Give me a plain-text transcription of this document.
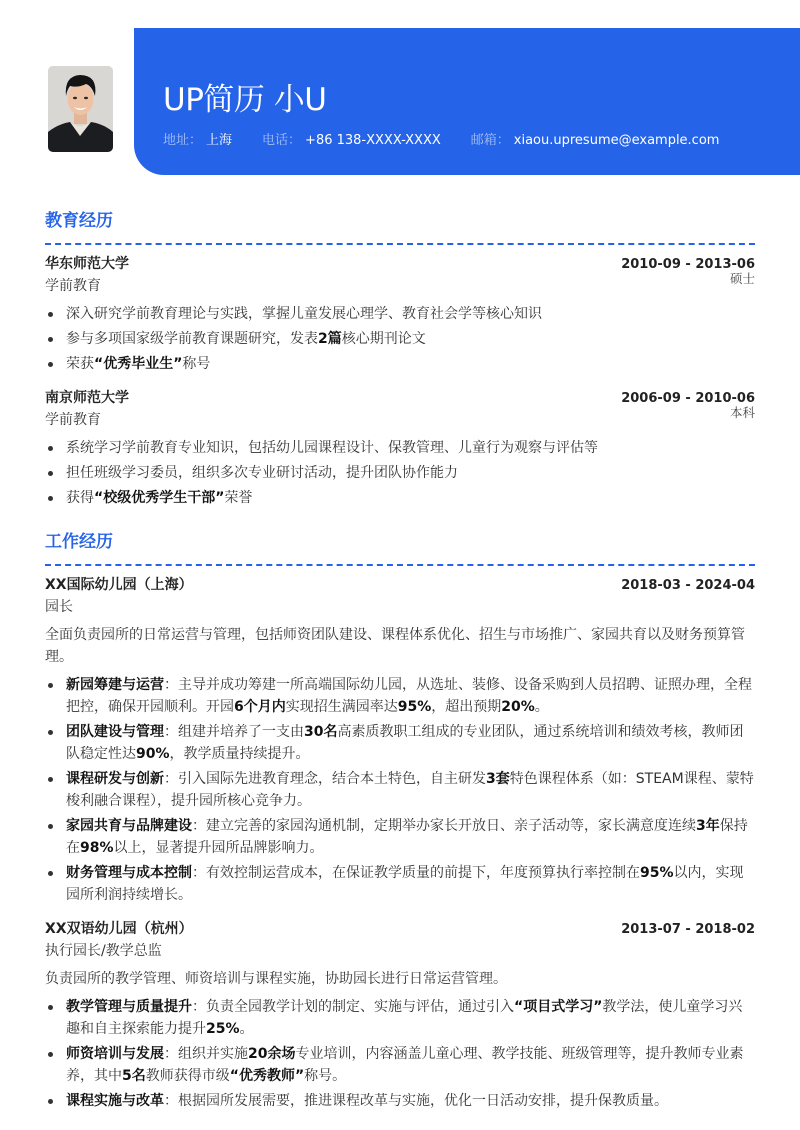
UP简历 小U
地址： 上海 电话： +86 138-XXXX-XXXX 邮箱： xiaou.upresume@example.com
教育经历
华东师范大学	2010-09 - 2013-06
学前教育	硕士
深入研究学前教育理论与实践，掌握儿童发展心理学、教育社会学等核心知识
参与多项国家级学前教育课题研究，发表2篇核心期刊论文
荣获“优秀毕业生”称号
南京师范大学	2006-09 - 2010-06
学前教育	本科
系统学习学前教育专业知识，包括幼儿园课程设计、保教管理、儿童行为观察与评估等
担任班级学习委员，组织多次专业研讨活动，提升团队协作能力
获得“校级优秀学生干部”荣誉
工作经历
XX国际幼儿园（上海）	2018-03 - 2024-04
园长
全面负责园所的日常运营与管理，包括师资团队建设、课程体系优化、招生与市场推广、家园共育以及财务预算管理。
新园筹建与运营：主导并成功筹建一所高端国际幼儿园，从选址、装修、设备采购到人员招聘、证照办理，全程把控，确保开园顺利。开园6个月内实现招生满园率达95%，超出预期20%。
团队建设与管理：组建并培养了一支由30名高素质教职工组成的专业团队，通过系统培训和绩效考核，教师团队稳定性达90%，教学质量持续提升。
课程研发与创新：引入国际先进教育理念，结合本土特色，自主研发3套特色课程体系（如：STEAM课程、蒙特梭利融合课程），提升园所核心竞争力。
家园共育与品牌建设：建立完善的家园沟通机制，定期举办家长开放日、亲子活动等，家长满意度连续3年保持在98%以上，显著提升园所品牌影响力。
财务管理与成本控制：有效控制运营成本，在保证教学质量的前提下，年度预算执行率控制在95%以内，实现园所利润持续增长。
XX双语幼儿园（杭州）	2013-07 - 2018-02
执行园长/教学总监
负责园所的教学管理、师资培训与课程实施，协助园长进行日常运营管理。
教学管理与质量提升：负责全园教学计划的制定、实施与评估，通过引入“项目式学习”教学法，使儿童学习兴趣和自主探索能力提升25%。
师资培训与发展：组织并实施20余场专业培训，内容涵盖儿童心理、教学技能、班级管理等，提升教师专业素养，其中5名教师获得市级“优秀教师”称号。
课程实施与改革：根据园所发展需要，推进课程改革与实施，优化一日活动安排，提升保教质量。
